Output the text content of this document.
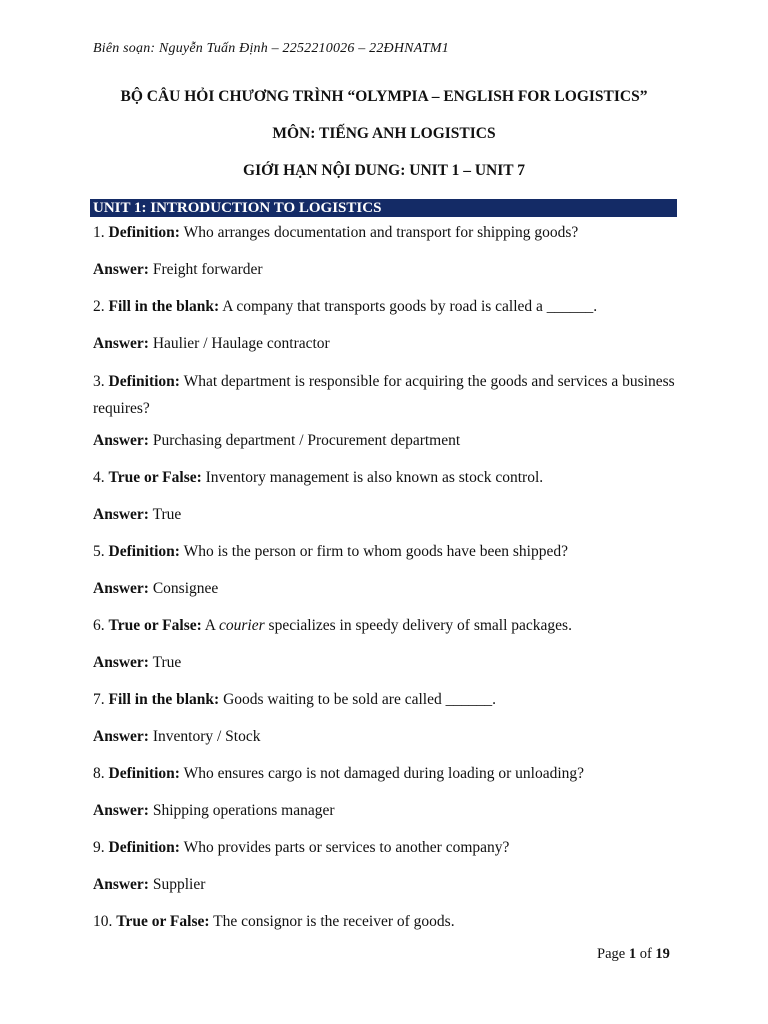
Biên soạn: Nguyễn Tuấn Định – 2252210026 – 22ĐHNATM1
BỘ CÂU HỎI CHƯƠNG TRÌNH “OLYMPIA – ENGLISH FOR LOGISTICS”
MÔN: TIẾNG ANH LOGISTICS
GIỚI HẠN NỘI DUNG: UNIT 1 – UNIT 7
UNIT 1: INTRODUCTION TO LOGISTICS
1. Definition: Who arranges documentation and transport for shipping goods?
Answer: Freight forwarder
2. Fill in the blank: A company that transports goods by road is called a ______.
Answer: Haulier / Haulage contractor
3. Definition: What department is responsible for acquiring the goods and services a business requires?
Answer: Purchasing department / Procurement department
4. True or False: Inventory management is also known as stock control.
Answer: True
5. Definition: Who is the person or firm to whom goods have been shipped?
Answer: Consignee
6. True or False: A courier specializes in speedy delivery of small packages.
Answer: True
7. Fill in the blank: Goods waiting to be sold are called ______.
Answer: Inventory / Stock
8. Definition: Who ensures cargo is not damaged during loading or unloading?
Answer: Shipping operations manager
9. Definition: Who provides parts or services to another company?
Answer: Supplier
10. True or False: The consignor is the receiver of goods.
Page 1 of 19
